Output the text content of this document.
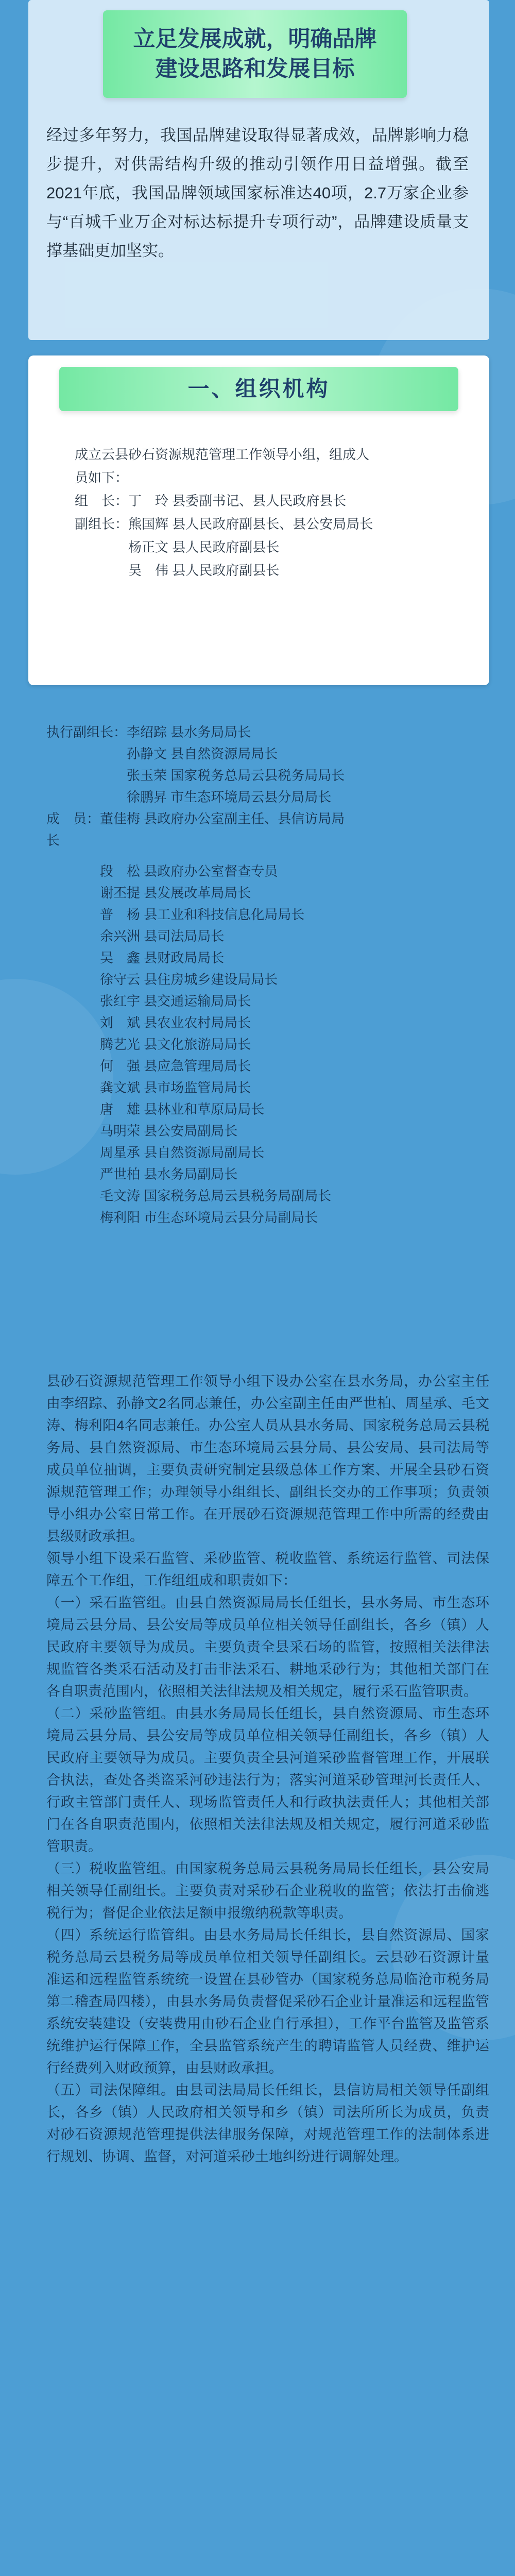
立足发展成就，明确品牌
建设思路和发展目标
经过多年努力，我国品牌建设取得显著成效，品牌影响力稳步提升，对供需结构升级的推动引领作用日益增强。截至2021年底，我国品牌领域国家标准达40项，2.7万家企业参与“百城千业万企对标达标提升专项行动”，品牌建设质量支撑基础更加坚实。
一、组织机构
成立云县砂石资源规范管理工作领导小组，组成人
员如下：
组　长：丁　玲 县委副书记、县人民政府县长
副组长：熊国辉 县人民政府副县长、县公安局局长
　　　　杨正文 县人民政府副县长
　　　　吴　伟 县人民政府副县长
执行副组长：李绍踪 县水务局局长
　　　　　　孙静文 县自然资源局局长
　　　　　　张玉荣 国家税务总局云县税务局局长
　　　　　　徐鹏昇 市生态环境局云县分局局长
成　员：董佳梅 县政府办公室副主任、县信访局局
长
　　　　段　松 县政府办公室督查专员
　　　　谢丕提 县发展改革局局长
　　　　普　杨 县工业和科技信息化局局长
　　　　余兴洲 县司法局局长
　　　　吴　鑫 县财政局局长
　　　　徐守云 县住房城乡建设局局长
　　　　张红宇 县交通运输局局长
　　　　刘　斌 县农业农村局局长
　　　　腾艺光 县文化旅游局局长
　　　　何　强 县应急管理局局长
　　　　龚文斌 县市场监管局局长
　　　　唐　雄 县林业和草原局局长
　　　　马明荣 县公安局副局长
　　　　周星承 县自然资源局副局长
　　　　严世柏 县水务局副局长
　　　　毛文涛 国家税务总局云县税务局副局长
　　　　梅利阳 市生态环境局云县分局副局长

县砂石资源规范管理工作领导小组下设办公室在县水务局，办公室主任由李绍踪、孙静文2名同志兼任，办公室副主任由严世柏、周星承、毛文涛、梅利阳4名同志兼任。办公室人员从县水务局、国家税务总局云县税务局、县自然资源局、市生态环境局云县分局、县公安局、县司法局等成员单位抽调，主要负责研究制定县级总体工作方案、开展全县砂石资源规范管理工作；办理领导小组组长、副组长交办的工作事项；负责领导小组办公室日常工作。在开展砂石资源规范管理工作中所需的经费由县级财政承担。

领导小组下设采石监管、采砂监管、税收监管、系统运行监管、司法保障五个工作组，工作组组成和职责如下：

（一）采石监管组。由县自然资源局局长任组长，县水务局、市生态环境局云县分局、县公安局等成员单位相关领导任副组长，各乡（镇）人民政府主要领导为成员。主要负责全县采石场的监管，按照相关法律法规监管各类采石活动及打击非法采石、耕地采砂行为；其他相关部门在各自职责范围内，依照相关法律法规及相关规定，履行采石监管职责。

（二）采砂监管组。由县水务局局长任组长，县自然资源局、市生态环境局云县分局、县公安局等成员单位相关领导任副组长，各乡（镇）人民政府主要领导为成员。主要负责全县河道采砂监督管理工作，开展联合执法，查处各类盗采河砂违法行为；落实河道采砂管理河长责任人、行政主管部门责任人、现场监管责任人和行政执法责任人；其他相关部门在各自职责范围内，依照相关法律法规及相关规定，履行河道采砂监管职责。

（三）税收监管组。由国家税务总局云县税务局局长任组长，县公安局相关领导任副组长。主要负责对采砂石企业税收的监管；依法打击偷逃税行为；督促企业依法足额申报缴纳税款等职责。

（四）系统运行监管组。由县水务局局长任组长，县自然资源局、国家税务总局云县税务局等成员单位相关领导任副组长。云县砂石资源计量准运和远程监管系统统一设置在县砂管办（国家税务总局临沧市税务局第二稽查局四楼），由县水务局负责督促采砂石企业计量准运和远程监管系统安装建设（安装费用由砂石企业自行承担），工作平台监管及监管系统维护运行保障工作，全县监管系统产生的聘请监管人员经费、维护运行经费列入财政预算，由县财政承担。

（五）司法保障组。由县司法局局长任组长，县信访局相关领导任副组长，各乡（镇）人民政府相关领导和乡（镇）司法所所长为成员，负责对砂石资源规范管理提供法律服务保障，对规范管理工作的法制体系进行规划、协调、监督，对河道采砂土地纠纷进行调解处理。
